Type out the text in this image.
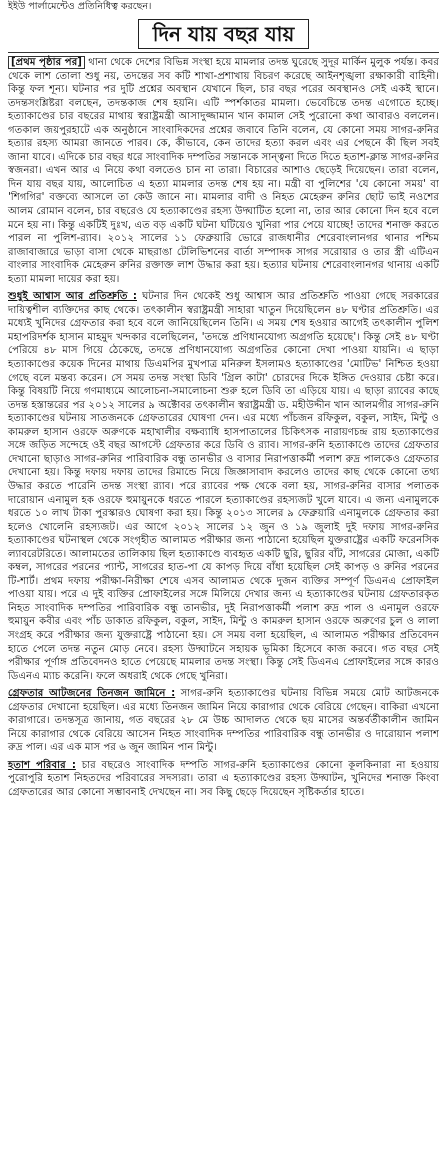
ইইউ পার্লামেন্টেও প্রতিনিধিত্ব করছেন।
দিন যায় বছর যায়

[প্রথম পৃষ্ঠার পর] থানা থেকে দেশের বিভিন্ন সংস্থা হয়ে মামলার তদন্ত ঘুরেছে সুদূর মার্কিন মুলুক পর্যন্ত। কবর থেকে লাশ তোলা শুধু নয়, তদন্তের সব কটি শাখা-প্রশাখায় বিচরণ করেছে আইনশৃঙ্খলা রক্ষাকারী বাহিনী। কিন্তু ফল শূন্য। ঘটনার পর দুটি প্রশ্নের অবস্থান যেখানে ছিল, চার বছর পরের অবস্থানও সেই একই স্থানে। তদন্তসংশ্লিষ্টরা বলছেন, তদন্তকাজ শেষ হয়নি। এটি স্পর্শকাতর মামলা। ভেবেচিন্তে তদন্ত এগোতে হচ্ছে। হত্যাকাণ্ডের চার বছরের মাথায় স্বরাষ্ট্রমন্ত্রী আসাদুজ্জামান খান কামাল সেই পুরোনো কথা আবারও বললেন। গতকাল জয়পুরহাটে এক অনুষ্ঠানে সাংবাদিকদের প্রশ্নের জবাবে তিনি বলেন, যে কোনো সময় সাগর-রুনির হত্যার রহস্য আমরা জানতে পারব। কে, কীভাবে, কেন তাদের হত্যা করল এবং এর পেছনে কী ছিল সবই জানা যাবে। এদিকে চার বছর ধরে সাংবাদিক দম্পতির সন্তানকে সান্ত্বনা দিতে দিতে হতাশ-ক্লান্ত সাগর-রুনির স্বজনরা। এখন আর এ নিয়ে কথা বলতেও চান না তারা। বিচারের আশাও ছেড়েই দিয়েছেন। তারা বলেন, দিন যায় বছর যায়, আলোচিত এ হত্যা মামলার তদন্ত শেষ হয় না। মন্ত্রী বা পুলিশের 'যে কোনো সময়' বা 'শিগগির' বক্তব্যে আসলে তা কেউ জানে না। মামলার বাদী ও নিহত মেহেরুন রুনির ছোট ভাই নওশের আলম রোমান বলেন, চার বছরেও যে হত্যাকাণ্ডের রহস্য উদ্ঘাটিত হলো না, তার আর কোনো দিন হবে বলে মনে হয় না। কিন্তু একটিই দুঃখ, এত বড় একটি ঘটনা ঘটিয়েও খুনিরা পার পেয়ে যাচ্ছে! তাদের শনাক্ত করতে পারল না পুলিশ-র‍্যাব। ২০১২ সালের ১১ ফেব্রুয়ারি ভোরে রাজধানীর শেরেবাংলানগর থানার পশ্চিম রাজাবাজারে ভাড়া বাসা থেকে মাছরাঙা টেলিভিশনের বার্তা সম্পাদক সাগর সরোয়ার ও তার স্ত্রী এটিএন বাংলার সাংবাদিক মেহেরুন রুনির রক্তাক্ত লাশ উদ্ধার করা হয়। হত্যার ঘটনায় শেরেবাংলানগর থানায় একটি হত্যা মামলা দায়ের করা হয়।

শুধুই আশ্বাস আর প্রতিশ্রুতি : ঘটনার দিন থেকেই শুধু আশ্বাস আর প্রতিশ্রুতি পাওয়া গেছে সরকারের দায়িত্বশীল ব্যক্তিদের কাছ থেকে। তৎকালীন স্বরাষ্ট্রমন্ত্রী সাহারা খাতুন দিয়েছিলেন ৪৮ ঘণ্টার প্রতিশ্রুতি। এর মধ্যেই খুনিদের গ্রেফতার করা হবে বলে জানিয়েছিলেন তিনি। এ সময় শেষ হওয়ার আগেই তৎকালীন পুলিশ মহাপরিদর্শক হাসান মাহমুদ খন্দকার বলেছিলেন, 'তদন্তে প্রণিধানযোগ্য অগ্রগতি হয়েছে'। কিন্তু সেই ৪৮ ঘণ্টা পেরিয়ে ৪৮ মাস গিয়ে ঠেকেছে, তদন্তে প্রণিধানযোগ্য অগ্রগতির কোনো দেখা পাওয়া যায়নি। এ ছাড়া হত্যাকাণ্ডের কয়েক দিনের মাথায় ডিএমপির মুখপাত্র মনিরুল ইসলামও হত্যাকাণ্ডের 'মোটিভ' নিশ্চিত হওয়া গেছে বলে মন্তব্য করেন। সে সময় তদন্ত সংস্থা ডিবি 'গ্রিল কাটা' চোরদের দিকে ইঙ্গিত দেওয়ার চেষ্টা করে। কিন্তু বিষয়টি নিয়ে গণমাধ্যমে আলোচনা-সমালোচনা শুরু হলে ডিবি তা এড়িয়ে যায়। এ ছাড়া র‍্যাবের কাছে তদন্ত হস্তান্তরের পর ২০১২ সালের ৯ অক্টোবর তৎকালীন স্বরাষ্ট্রমন্ত্রী ড. মহীউদ্দীন খান আলমগীর সাগর-রুনি হত্যাকাণ্ডের ঘটনায় সাতজনকে গ্রেফতারের ঘোষণা দেন। এর মধ্যে পাঁচজন রফিকুল, বকুল, সাইদ, মিন্টু ও কামরুল হাসান ওরফে অরুণকে মহাখালীর বক্ষব্যাধি হাসপাতালের চিকিৎসক নারায়ণচন্দ্র রায় হত্যাকাণ্ডের সঙ্গে জড়িত সন্দেহে ওই বছর আগস্টে গ্রেফতার করে ডিবি ও র‍্যাব। সাগর-রুনি হত্যাকাণ্ডে তাদের গ্রেফতার দেখানো ছাড়াও সাগর-রুনির পারিবারিক বন্ধু তানভীর ও বাসার নিরাপত্তাকর্মী পলাশ রুদ্র পালকেও গ্রেফতার দেখানো হয়। কিন্তু দফায় দফায় তাদের রিমান্ডে নিয়ে জিজ্ঞাসাবাদ করলেও তাদের কাছ থেকে কোনো তথ্য উদ্ধার করতে পারেনি তদন্ত সংস্থা র‍্যাব। পরে র‍্যাবের পক্ষ থেকে বলা হয়, সাগর-রুনির বাসার পলাতক দারোয়ান এনামুল হক ওরফে হুমায়ুনকে ধরতে পারলে হত্যাকাণ্ডের রহস্যজট খুলে যাবে। এ জন্য এনামুলকে ধরতে ১০ লাখ টাকা পুরস্কারও ঘোষণা করা হয়। কিন্তু ২০১৩ সালের ৯ ফেব্রুয়ারি এনামুলকে গ্রেফতার করা হলেও খোলেনি রহস্যজট। এর আগে ২০১২ সালের ১২ জুন ও ১৯ জুলাই দুই দফায় সাগর-রুনির হত্যাকাণ্ডের ঘটনাস্থল থেকে সংগৃহীত আলামত পরীক্ষার জন্য পাঠানো হয়েছিল যুক্তরাষ্ট্রের একটি ফরেনসিক ল্যাবরেটরিতে। আলামতের তালিকায় ছিল হত্যাকাণ্ডে ব্যবহৃত একটি ছুরি, ছুরির বাঁট, সাগরের মোজা, একটি কম্বল, সাগরের পরনের প্যান্ট, সাগরের হাত-পা যে কাপড় দিয়ে বাঁধা হয়েছিল সেই কাপড় ও রুনির পরনের টি-শার্ট। প্রথম দফায় পরীক্ষা-নিরীক্ষা শেষে এসব আলামত থেকে দুজন ব্যক্তির সম্পূর্ণ ডিএনএ প্রোফাইল পাওয়া যায়। পরে এ দুই ব্যক্তির প্রোফাইলের সঙ্গে মিলিয়ে দেখার জন্য এ হত্যাকাণ্ডের ঘটনায় গ্রেফতারকৃত নিহত সাংবাদিক দম্পতির পারিবারিক বন্ধু তানভীর, দুই নিরাপত্তাকর্মী পলাশ রুদ্র পাল ও এনামুল ওরফে হুমায়ুন কবীর এবং পাঁচ ডাকাত রফিকুল, বকুল, সাইদ, মিন্টু ও কামরুল হাসান ওরফে অরুণের চুল ও লালা সংগ্রহ করে পরীক্ষার জন্য যুক্তরাষ্ট্রে পাঠানো হয়। সে সময় বলা হয়েছিল, এ আলামত পরীক্ষার প্রতিবেদন হাতে পেলে তদন্ত নতুন মোড় নেবে। রহস্য উদ্ঘাটনে সহায়ক ভূমিকা হিসেবে কাজ করবে। গত বছর সেই পরীক্ষার পূর্ণাঙ্গ প্রতিবেদনও হাতে পেয়েছে মামলার তদন্ত সংস্থা। কিন্তু সেই ডিএনএ প্রোফাইলের সঙ্গে কারও ডিএনএ ম্যাচ করেনি। ফলে অধরাই থেকে গেছে খুনিরা।

গ্রেফতার আটজনের তিনজন জামিনে : সাগর-রুনি হত্যাকাণ্ডের ঘটনায় বিভিন্ন সময়ে মোট আটজনকে গ্রেফতার দেখানো হয়েছিল। এর মধ্যে তিনজন জামিন নিয়ে কারাগার থেকে বেরিয়ে গেছেন। বাকিরা এখনো কারাগারে। তদন্তসূত্র জানায়, গত বছরের ২৮ মে উচ্চ আদালত থেকে ছয় মাসের অন্তর্বর্তীকালীন জামিন নিয়ে কারাগার থেকে বেরিয়ে আসেন নিহত সাংবাদিক দম্পতির পারিবারিক বন্ধু তানভীর ও দারোয়ান পলাশ রুদ্র পাল। এর এক মাস পর ৬ জুন জামিন পান মিন্টু।

হতাশ পরিবার : চার বছরেও সাংবাদিক দম্পতি সাগর-রুনি হত্যাকাণ্ডের কোনো কূলকিনারা না হওয়ায় পুরোপুরি হতাশ নিহতদের পরিবারের সদস্যরা। তারা এ হত্যাকাণ্ডের রহস্য উদ্ঘাটন, খুনিদের শনাক্ত কিংবা গ্রেফতারের আর কোনো সম্ভাবনাই দেখছেন না। সব কিছু ছেড়ে দিয়েছেন সৃষ্টিকর্তার হাতে।
